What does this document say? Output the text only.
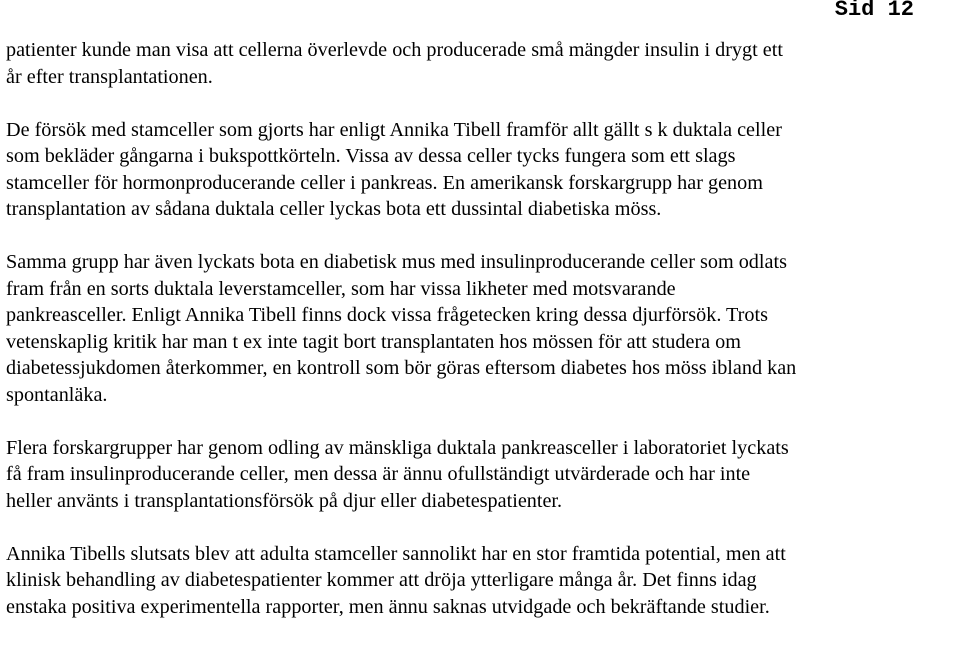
Sid 12

patienter kunde man visa att cellerna överlevde och producerade små mängder insulin i drygt ett
år efter transplantationen.

De försök med stamceller som gjorts har enligt Annika Tibell framför allt gällt s k duktala celler
som bekläder gångarna i bukspottkörteln. Vissa av dessa celler tycks fungera som ett slags
stamceller för hormonproducerande celler i pankreas. En amerikansk forskargrupp har genom
transplantation av sådana duktala celler lyckas bota ett dussintal diabetiska möss.

Samma grupp har även lyckats bota en diabetisk mus med insulinproducerande celler som odlats
fram från en sorts duktala leverstamceller, som har vissa likheter med motsvarande
pankreasceller. Enligt Annika Tibell finns dock vissa frågetecken kring dessa djurförsök. Trots
vetenskaplig kritik har man t ex inte tagit bort transplantaten hos mössen för att studera om
diabetessjukdomen återkommer, en kontroll som bör göras eftersom diabetes hos möss ibland kan
spontanläka.

Flera forskargrupper har genom odling av mänskliga duktala pankreasceller i laboratoriet lyckats
få fram insulinproducerande celler, men dessa är ännu ofullständigt utvärderade och har inte
heller använts i transplantationsförsök på djur eller diabetespatienter.

Annika Tibells slutsats blev att adulta stamceller sannolikt har en stor framtida potential, men att
klinisk behandling av diabetespatienter kommer att dröja ytterligare många år. Det finns idag
enstaka positiva experimentella rapporter, men ännu saknas utvidgade och bekräftande studier.
